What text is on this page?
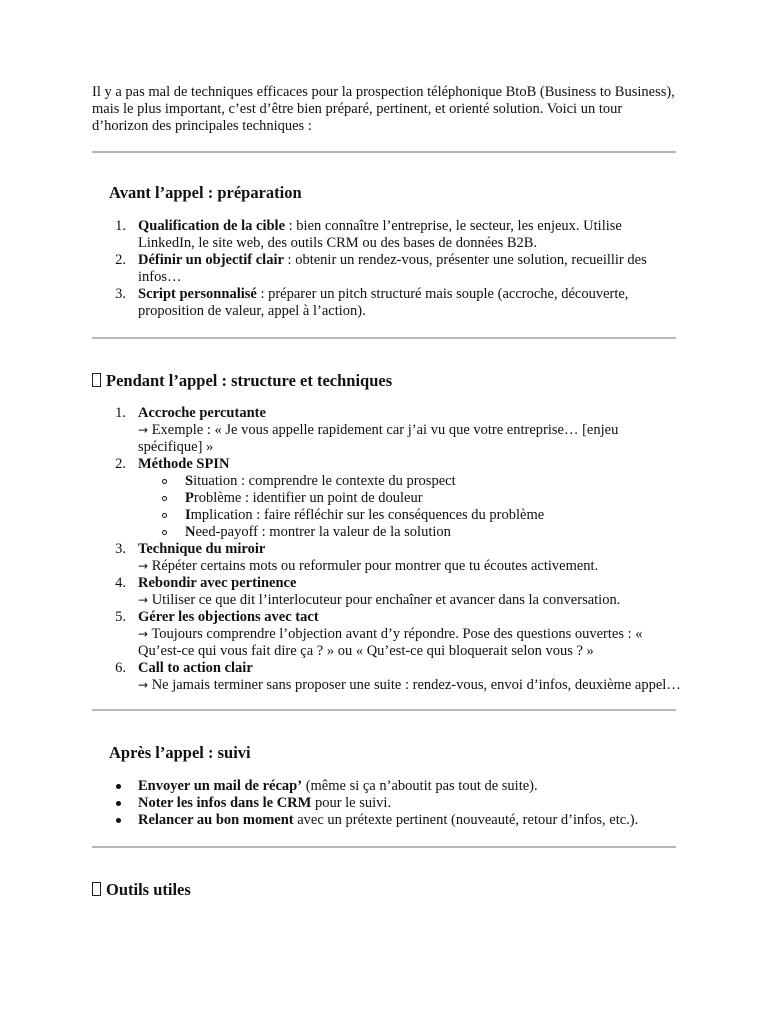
Il y a pas mal de techniques efficaces pour la prospection téléphonique BtoB (Business to Business), mais le plus important, c’est d’être bien préparé, pertinent, et orienté solution. Voici un tour d’horizon des principales techniques :

Avant l’appel : préparation
1. Qualification de la cible : bien connaître l’entreprise, le secteur, les enjeux. Utilise LinkedIn, le site web, des outils CRM ou des bases de données B2B.
2. Définir un objectif clair : obtenir un rendez-vous, présenter une solution, recueillir des infos…
3. Script personnalisé : préparer un pitch structuré mais souple (accroche, découverte, proposition de valeur, appel à l’action).
Pendant l’appel : structure et techniques
1. Accroche percutante
→ Exemple : « Je vous appelle rapidement car j’ai vu que votre entreprise… [enjeu spécifique] »
2. Méthode SPIN
Situation : comprendre le contexte du prospect
Problème : identifier un point de douleur
Implication : faire réfléchir sur les conséquences du problème
Need-payoff : montrer la valeur de la solution
3. Technique du miroir
→ Répéter certains mots ou reformuler pour montrer que tu écoutes activement.
4. Rebondir avec pertinence
→ Utiliser ce que dit l’interlocuteur pour enchaîner et avancer dans la conversation.
5. Gérer les objections avec tact
→ Toujours comprendre l’objection avant d’y répondre. Pose des questions ouvertes : « Qu’est-ce qui vous fait dire ça ? » ou « Qu’est-ce qui bloquerait selon vous ? »
6. Call to action clair
→ Ne jamais terminer sans proposer une suite : rendez-vous, envoi d’infos, deuxième appel…
Après l’appel : suivi
Envoyer un mail de récap’ (même si ça n’aboutit pas tout de suite).
Noter les infos dans le CRM pour le suivi.
Relancer au bon moment avec un prétexte pertinent (nouveauté, retour d’infos, etc.).
Outils utiles
